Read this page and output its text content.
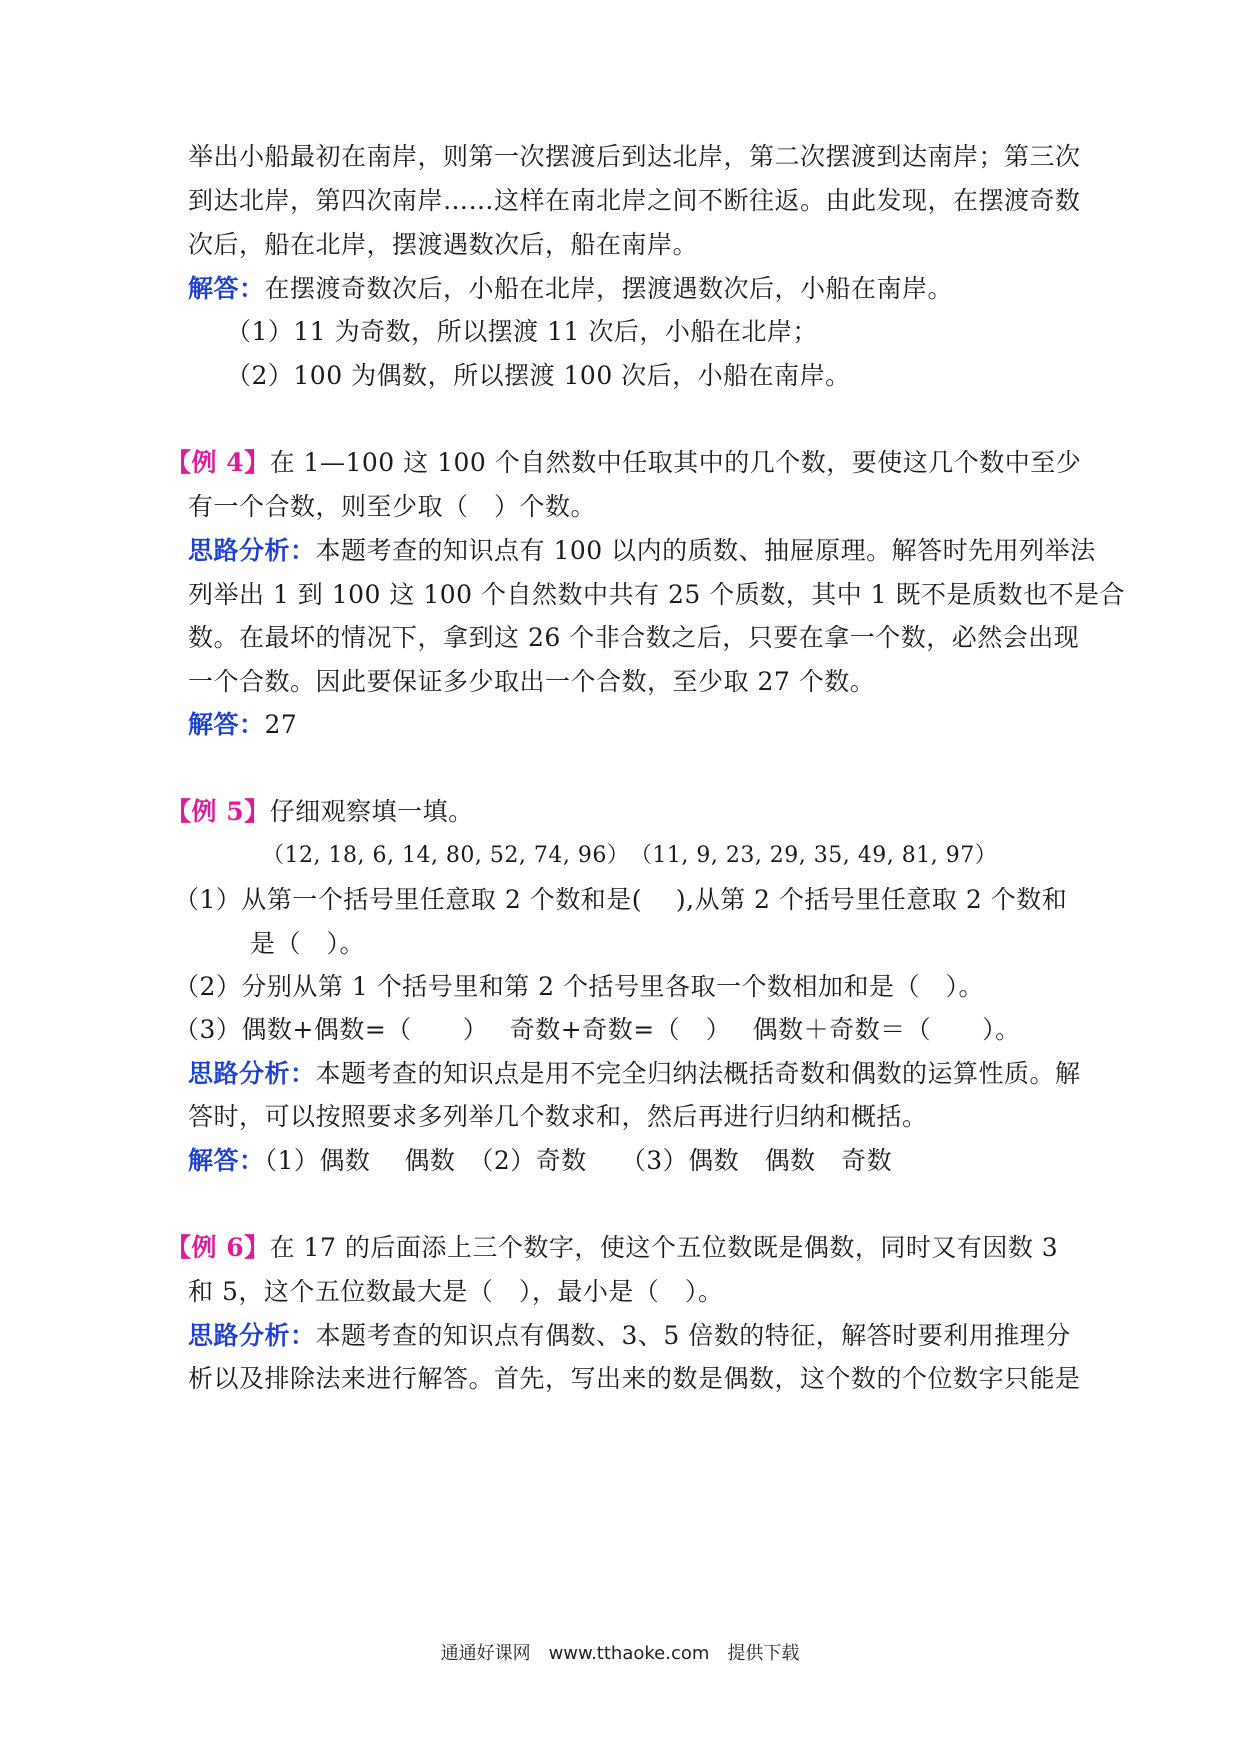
举出小船最初在南岸，则第一次摆渡后到达北岸，第二次摆渡到达南岸；第三次
到达北岸，第四次南岸……这样在南北岸之间不断往返。由此发现，在摆渡奇数
次后，船在北岸，摆渡遇数次后，船在南岸。
解答：在摆渡奇数次后，小船在北岸，摆渡遇数次后，小船在南岸。
（1）11 为奇数，所以摆渡 11 次后，小船在北岸；
（2）100 为偶数，所以摆渡 100 次后，小船在南岸。
【例 4】在 1—100 这 100 个自然数中任取其中的几个数，要使这几个数中至少
有一个合数，则至少取（　）个数。
思路分析：本题考查的知识点有 100 以内的质数、抽屉原理。解答时先用列举法
列举出 1 到 100 这 100 个自然数中共有 25 个质数，其中 1 既不是质数也不是合
数。在最坏的情况下，拿到这 26 个非合数之后，只要在拿一个数，必然会出现
一个合数。因此要保证多少取出一个合数，至少取 27 个数。
解答：27
【例 5】仔细观察填一填。
（12, 18, 6, 14, 80, 52, 74, 96）　（11, 9, 23, 29, 35, 49, 81, 97）
（1）从第一个括号里任意取 2 个数和是(　 ),从第 2 个括号里任意取 2 个数和
是（　）。
（2）分别从第 1 个括号里和第 2 个括号里各取一个数相加和是（　）。
（3）偶数+偶数=（　　）　 奇数+奇数=（　）　 偶数＋奇数＝（　　）。
思路分析：本题考查的知识点是用不完全归纳法概括奇数和偶数的运算性质。解
答时，可以按照要求多列举几个数求和，然后再进行归纳和概括。
解答：（1）偶数　 偶数　（2）奇数　 （3）偶数　偶数　奇数
【例 6】在 17 的后面添上三个数字，使这个五位数既是偶数，同时又有因数 3
和 5，这个五位数最大是（　），最小是（　）。
思路分析：本题考查的知识点有偶数、3、5 倍数的特征，解答时要利用推理分
析以及排除法来进行解答。首先，写出来的数是偶数，这个数的个位数字只能是
通通好课网　www.tthaoke.com　提供下载
